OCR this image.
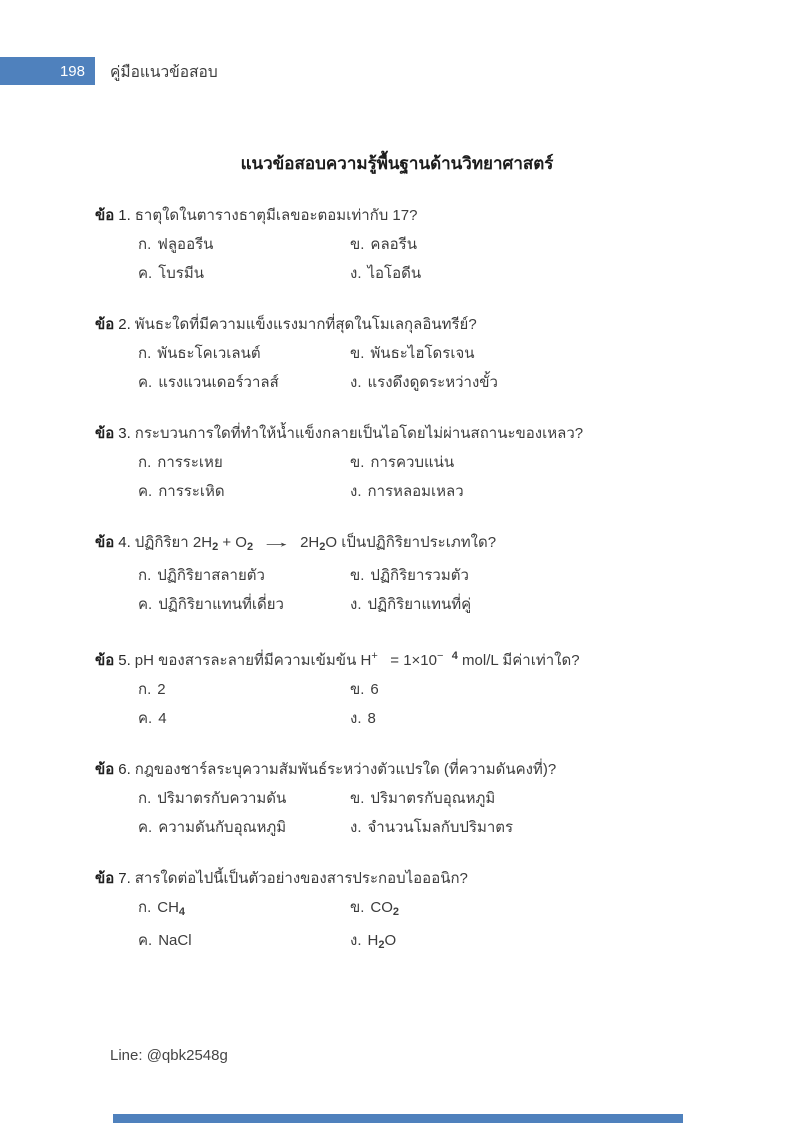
198 คู่มือแนวข้อสอบ
แนวข้อสอบความรู้พื้นฐานด้านวิทยาศาสตร์

ข้อ 1. ธาตุใดในตารางธาตุมีเลขอะตอมเท่ากับ 17?

ก. ฟลูออรีน	ข. คลอรีน
ค. โบรมีน	ง. ไอโอดีน

ข้อ 2. พันธะใดที่มีความแข็งแรงมากที่สุดในโมเลกุลอินทรีย์?

ก. พันธะโคเวเลนต์	ข. พันธะไฮโดรเจน
ค. แรงแวนเดอร์วาลส์	ง. แรงดึงดูดระหว่างขั้ว

ข้อ 3. กระบวนการใดที่ทำให้น้ำแข็งกลายเป็นไอโดยไม่ผ่านสถานะของเหลว?

ก. การระเหย	ข. การควบแน่น
ค. การระเหิด	ง. การหลอมเหลว

ข้อ 4. ปฏิกิริยา $2H_2 + O_2 \to 2H_2O$ เป็นปฏิกิริยาประเภทใด?

ก. ปฏิกิริยาสลายตัว	ข. ปฏิกิริยารวมตัว
ค. ปฏิกิริยาแทนที่เดี่ยว	ง. ปฏิกิริยาแทนที่คู่

ข้อ 5. pH ของสารละลายที่มีความเข้มข้น H+   = 1×10− $^4$ mol/L มีค่าเท่าใด?

ก. 2	ข. 6
ค. 4	ง. 8

ข้อ 6. กฎของชาร์ลระบุความสัมพันธ์ระหว่างตัวแปรใด (ที่ความดันคงที่)?

ก. ปริมาตรกับความดัน	ข. ปริมาตรกับอุณหภูมิ
ค. ความดันกับอุณหภูมิ	ง. จำนวนโมลกับปริมาตร

ข้อ 7. สารใดต่อไปนี้เป็นตัวอย่างของสารประกอบไอออนิก?

ก. $CH_4$	ข. $CO_2$
ค. NaCl	ง. $H_2O$
Line: @qbk2548g
